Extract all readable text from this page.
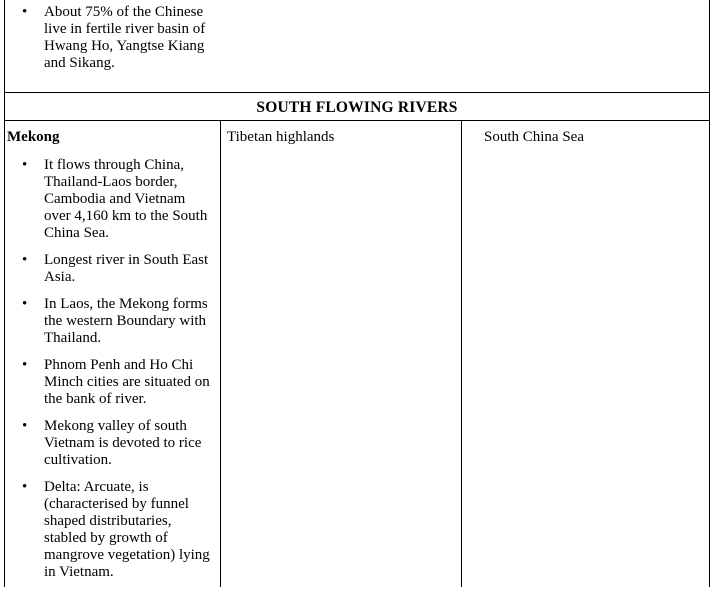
• About 75% of the Chinese live in fertile river basin of Hwang Ho, Yangtse Kiang and Sikang.
SOUTH FLOWING RIVERS
Mekong	Tibetan highlands	South China Sea
• It flows through China, Thailand-Laos border, Cambodia and Vietnam over 4,160 km to the South China Sea.
• Longest river in South East Asia.
• In Laos, the Mekong forms the western Boundary with Thailand.
• Phnom Penh and Ho Chi Minch cities are situated on the bank of river.
• Mekong valley of south Vietnam is devoted to rice cultivation.
• Delta: Arcuate, is (characterised by funnel shaped distributaries, stabled by growth of mangrove vegetation) lying in Vietnam.
